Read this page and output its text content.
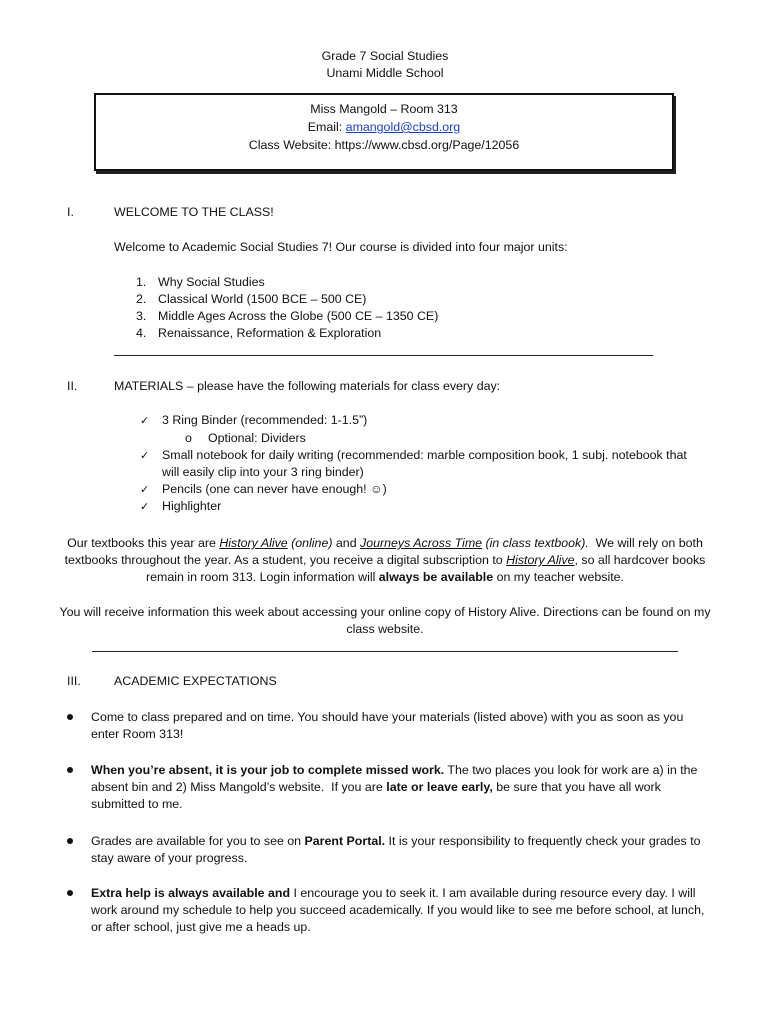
Grade 7 Social Studies
Unami Middle School
Miss Mangold – Room 313
Email: amangold@cbsd.org
Class Website: https://www.cbsd.org/Page/12056
I.	WELCOME TO THE CLASS!
Welcome to Academic Social Studies 7! Our course is divided into four major units:
1. Why Social Studies
2. Classical World (1500 BCE – 500 CE)
3. Middle Ages Across the Globe (500 CE – 1350 CE)
4. Renaissance, Reformation & Exploration
II.	MATERIALS – please have the following materials for class every day:
✓ 3 Ring Binder (recommended: 1-1.5”)
o Optional: Dividers
✓ Small notebook for daily writing (recommended: marble composition book, 1 subj. notebook that
will easily clip into your 3 ring binder)
✓ Pencils (one can never have enough! ☺)
✓ Highlighter
Our textbooks this year are History Alive (online) and Journeys Across Time (in class textbook).  We will rely on both
textbooks throughout the year. As a student, you receive a digital subscription to History Alive, so all hardcover books
remain in room 313. Login information will always be available on my teacher website.
You will receive information this week about accessing your online copy of History Alive. Directions can be found on my
class website.
III.	ACADEMIC EXPECTATIONS
Come to class prepared and on time. You should have your materials (listed above) with you as soon as you
enter Room 313!
When you’re absent, it is your job to complete missed work. The two places you look for work are a) in the
absent bin and 2) Miss Mangold’s website.  If you are late or leave early, be sure that you have all work
submitted to me.
Grades are available for you to see on Parent Portal. It is your responsibility to frequently check your grades to
stay aware of your progress.
Extra help is always available and I encourage you to seek it. I am available during resource every day. I will
work around my schedule to help you succeed academically. If you would like to see me before school, at lunch,
or after school, just give me a heads up.
